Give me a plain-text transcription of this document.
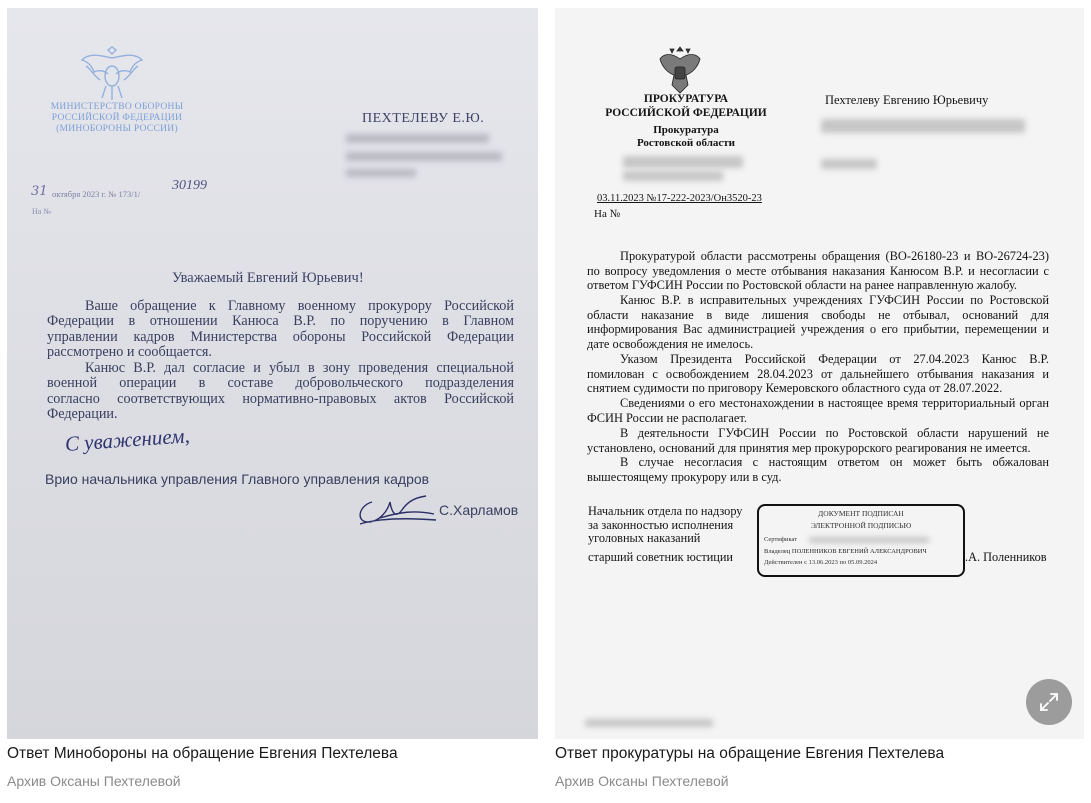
МИНИСТЕРСТВО ОБОРОНЫ
РОССИЙСКОЙ ФЕДЕРАЦИИ
(МИНОБОРОНЫ РОССИИ)
ПЕХТЕЛЕВУ Е.Ю.
31 октября 2023 г. № 173/1/
30199
На №
Уважаемый Евгений Юрьевич!
Ваше обращение к Главному военному прокурору Российской
Федерации в отношении Канюса В.Р. по поручению в Главном
управлении кадров Министерства обороны Российской Федерации
рассмотрено и сообщается.
Канюс В.Р. дал согласие и убыл в зону проведения специальной
военной операции в составе добровольческого подразделения
согласно соответствующих нормативно-правовых актов Российской
Федерации.
С уважением,
Врио начальника управления Главного управления кадров
С.Харламов
ПРОКУРАТУРА
РОССИЙСКОЙ ФЕДЕРАЦИИ
Прокуратура
Ростовской области
Пехтелеву Евгению Юрьевичу
03.11.2023 №17-222-2023/Он3520-23
На №
Прокуратурой области рассмотрены обращения (ВО-26180-23 и ВО-26724-23)
по вопросу уведомления о месте отбывания наказания Канюсом В.Р. и несогласии с
ответом ГУФСИН России по Ростовской области на ранее направленную жалобу.
Канюс В.Р. в исправительных учреждениях ГУФСИН России по Ростовской
области наказание в виде лишения свободы не отбывал, оснований для
информирования Вас администрацией учреждения о его прибытии, перемещении и
дате освобождения не имелось.
Указом Президента Российской Федерации от 27.04.2023 Канюс В.Р.
помилован с освобождением 28.04.2023 от дальнейшего отбывания наказания и
снятием судимости по приговору Кемеровского областного суда от 28.07.2022.
Сведениями о его местонахождении в настоящее время территориальный орган
ФСИН России не располагает.
В деятельности ГУФСИН России по Ростовской области нарушений не
установлено, оснований для принятия мер прокурорского реагирования не имеется.
В случае несогласия с настоящим ответом он может быть обжалован
вышестоящему прокурору или в суд.
Начальник отдела по надзору
за законностью исполнения
уголовных наказаний
старший советник юстиции	.А. Поленников
ДОКУМЕНТ ПОДПИСАН
ЭЛЕКТРОННОЙ ПОДПИСЬЮ
Сертификат
Владелец ПОЛЕННИКОВ ЕВГЕНИЙ АЛЕКСАНДРОВИЧ
Действителен с 13.06.2023 по 05.09.2024
Ответ Минобороны на обращение Евгения Пехтелева
Архив Оксаны Пехтелевой
Ответ прокуратуры на обращение Евгения Пехтелева
Архив Оксаны Пехтелевой
